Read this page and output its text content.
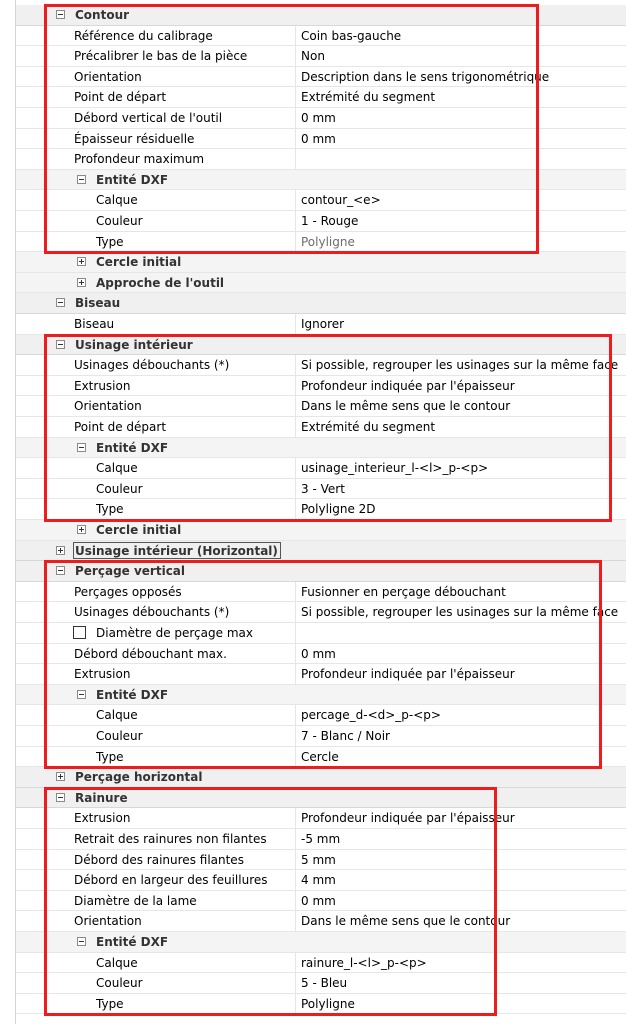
Contour
Référence du calibrage	Coin bas-gauche
Précalibrer le bas de la pièce	Non
Orientation	Description dans le sens trigonométrique
Point de départ	Extrémité du segment
Débord vertical de l'outil	0 mm
Épaisseur résiduelle	0 mm
Profondeur maximum
Entité DXF
Calque	contour_<e>
Couleur	1 - Rouge
Type	Polyligne
Cercle initial
Approche de l'outil
Biseau
Biseau	Ignorer
Usinage intérieur
Usinages débouchants (*)	Si possible, regrouper les usinages sur la même face
Extrusion	Profondeur indiquée par l'épaisseur
Orientation	Dans le même sens que le contour
Point de départ	Extrémité du segment
Entité DXF
Calque	usinage_interieur_l-<l>_p-<p>
Couleur	3 - Vert
Type	Polyligne 2D
Cercle initial
Usinage intérieur (Horizontal)
Perçage vertical
Perçages opposés	Fusionner en perçage débouchant
Usinages débouchants (*)	Si possible, regrouper les usinages sur la même face
Diamètre de perçage max
Débord débouchant max.	0 mm
Extrusion	Profondeur indiquée par l'épaisseur
Entité DXF
Calque	percage_d-<d>_p-<p>
Couleur	7 - Blanc / Noir
Type	Cercle
Perçage horizontal
Rainure
Extrusion	Profondeur indiquée par l'épaisseur
Retrait des rainures non filantes	-5 mm
Débord des rainures filantes	5 mm
Débord en largeur des feuillures	4 mm
Diamètre de la lame	0 mm
Orientation	Dans le même sens que le contour
Entité DXF
Calque	rainure_l-<l>_p-<p>
Couleur	5 - Bleu
Type	Polyligne
